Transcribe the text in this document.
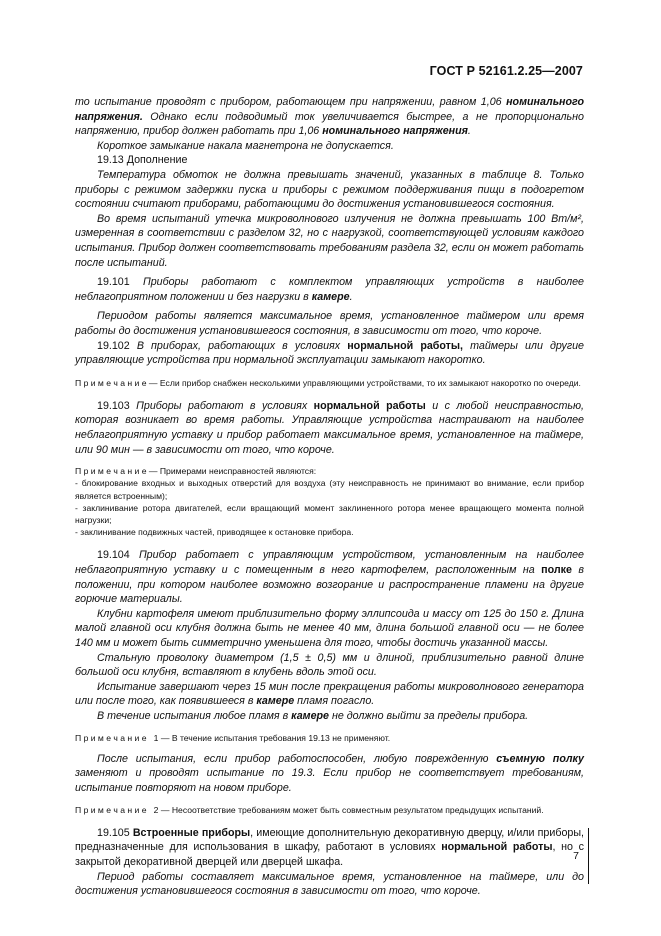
ГОСТ Р 52161.2.25—2007

то испытание проводят с прибором, работающем при напряжении, равном 1,06 номинального напряжения. Однако если подводимый ток увеличивается быстрее, а не пропорционально напряжению, прибор должен работать при 1,06 номинального напряжения.

Короткое замыкание накала магнетрона не допускается.

19.13 Дополнение

Температура обмоток не должна превышать значений, указанных в таблице 8. Только приборы с режимом задержки пуска и приборы с режимом поддерживания пищи в подогретом состоянии считают приборами, работающими до достижения установившегося состояния.

Во время испытаний утечка микроволнового излучения не должна превышать 100 Вт/м², измеренная в соответствии с разделом 32, но с нагрузкой, соответствующей условиям каждого испытания. Прибор должен соответствовать требованиям раздела 32, если он может работать после испытаний.

19.101 Приборы работают с комплектом управляющих устройств в наиболее неблагоприятном положении и без нагрузки в камере.

Периодом работы является максимальное время, установленное таймером или время работы до достижения установившегося состояния, в зависимости от того, что короче.

19.102 В приборах, работающих в условиях нормальной работы, таймеры или другие управляющие устройства при нормальной эксплуатации замыкают накоротко.

П р и м е ч а н и е — Если прибор снабжен несколькими управляющими устройствами, то их замыкают накоротко по очереди.

19.103 Приборы работают в условиях нормальной работы и с любой неисправностью, которая возникает во время работы. Управляющие устройства настраивают на наиболее неблагоприятную уставку и прибор работает максимальное время, установленное на таймере, или 90 мин — в зависимости от того, что короче.

П р и м е ч а н и е — Примерами неисправностей являются:

- блокирование входных и выходных отверстий для воздуха (эту неисправность не принимают во внимание, если прибор является встроенным);

- заклинивание ротора двигателей, если вращающий момент заклиненного ротора менее вращающего момента полной нагрузки;

- заклинивание подвижных частей, приводящее к остановке прибора.

19.104 Прибор работает с управляющим устройством, установленным на наиболее неблагоприятную уставку и с помещенным в него картофелем, расположенным на полке в положении, при котором наиболее возможно возгорание и распространение пламени на другие горючие материалы.

Клубни картофеля имеют приблизительно форму эллипсоида и массу от 125 до 150 г. Длина малой главной оси клубня должна быть не менее 40 мм, длина большой главной оси — не более 140 мм и может быть симметрично уменьшена для того, чтобы достичь указанной массы.

Стальную проволоку диаметром (1,5 ± 0,5) мм и длиной, приблизительно равной длине большой оси клубня, вставляют в клубень вдоль этой оси.

Испытание завершают через 15 мин после прекращения работы микроволнового генератора или после того, как появившееся в камере пламя погасло.

В течение испытания любое пламя в камере не должно выйти за пределы прибора.

П р и м е ч а н и е   1 — В течение испытания требования 19.13 не применяют.

После испытания, если прибор работоспособен, любую поврежденную съемную полку заменяют и проводят испытание по 19.3. Если прибор не соответствует требованиям, испытание повторяют на новом приборе.

П р и м е ч а н и е   2 — Несоответствие требованиям может быть совместным результатом предыдущих испытаний.

19.105 Встроенные приборы, имеющие дополнительную декоративную дверцу, и/или приборы, предназначенные для использования в шкафу, работают в условиях нормальной работы, но с закрытой декоративной дверцей или дверцей шкафа.

Период работы составляет максимальное время, установленное на таймере, или до достижения установившегося состояния в зависимости от того, что короче.

7
